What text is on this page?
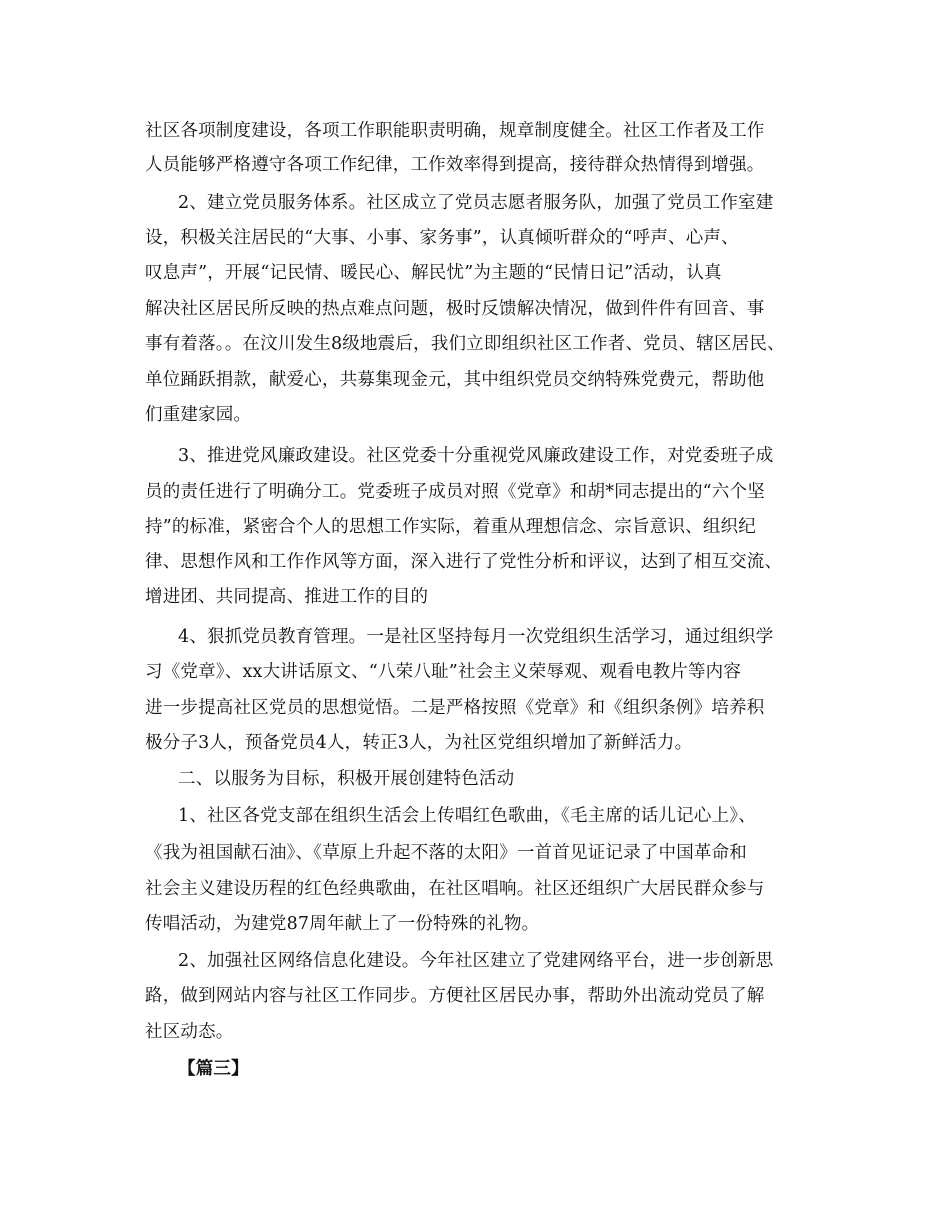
社区各项制度建设，各项工作职能职责明确，规章制度健全。社区工作者及工作
人员能够严格遵守各项工作纪律，工作效率得到提高，接待群众热情得到增强。
2、建立党员服务体系。社区成立了党员志愿者服务队，加强了党员工作室建
设，积极关注居民的“大事、小事、家务事”，认真倾听群众的“呼声、心声、
叹息声”，开展“记民情、暖民心、解民忧”为主题的“民情日记”活动，认真
解决社区居民所反映的热点难点问题，极时反馈解决情况，做到件件有回音、事
事有着落。。在汶川发生8级地震后，我们立即组织社区工作者、党员、辖区居民、
单位踊跃捐款，献爱心，共募集现金元，其中组织党员交纳特殊党费元，帮助他
们重建家园。
3、推进党风廉政建设。社区党委十分重视党风廉政建设工作，对党委班子成
员的责任进行了明确分工。党委班子成员对照《党章》和胡*同志提出的“六个坚
持”的标准，紧密合个人的思想工作实际，着重从理想信念、宗旨意识、组织纪
律、思想作风和工作作风等方面，深入进行了党性分析和评议，达到了相互交流、
增进团、共同提高、推进工作的目的
4、狠抓党员教育管理。一是社区坚持每月一次党组织生活学习，通过组织学
习《党章》、xx大讲话原文、“八荣八耻”社会主义荣辱观、观看电教片等内容
进一步提高社区党员的思想觉悟。二是严格按照《党章》和《组织条例》培养积
极分子3人，预备党员4人，转正3人，为社区党组织增加了新鲜活力。
二、以服务为目标，积极开展创建特色活动
1、社区各党支部在组织生活会上传唱红色歌曲，《毛主席的话儿记心上》、
《我为祖国献石油》、《草原上升起不落的太阳》一首首见证记录了中国革命和
社会主义建设历程的红色经典歌曲，在社区唱响。社区还组织广大居民群众参与
传唱活动，为建党87周年献上了一份特殊的礼物。
2、加强社区网络信息化建设。今年社区建立了党建网络平台，进一步创新思
路，做到网站内容与社区工作同步。方便社区居民办事，帮助外出流动党员了解
社区动态。
【篇三】
